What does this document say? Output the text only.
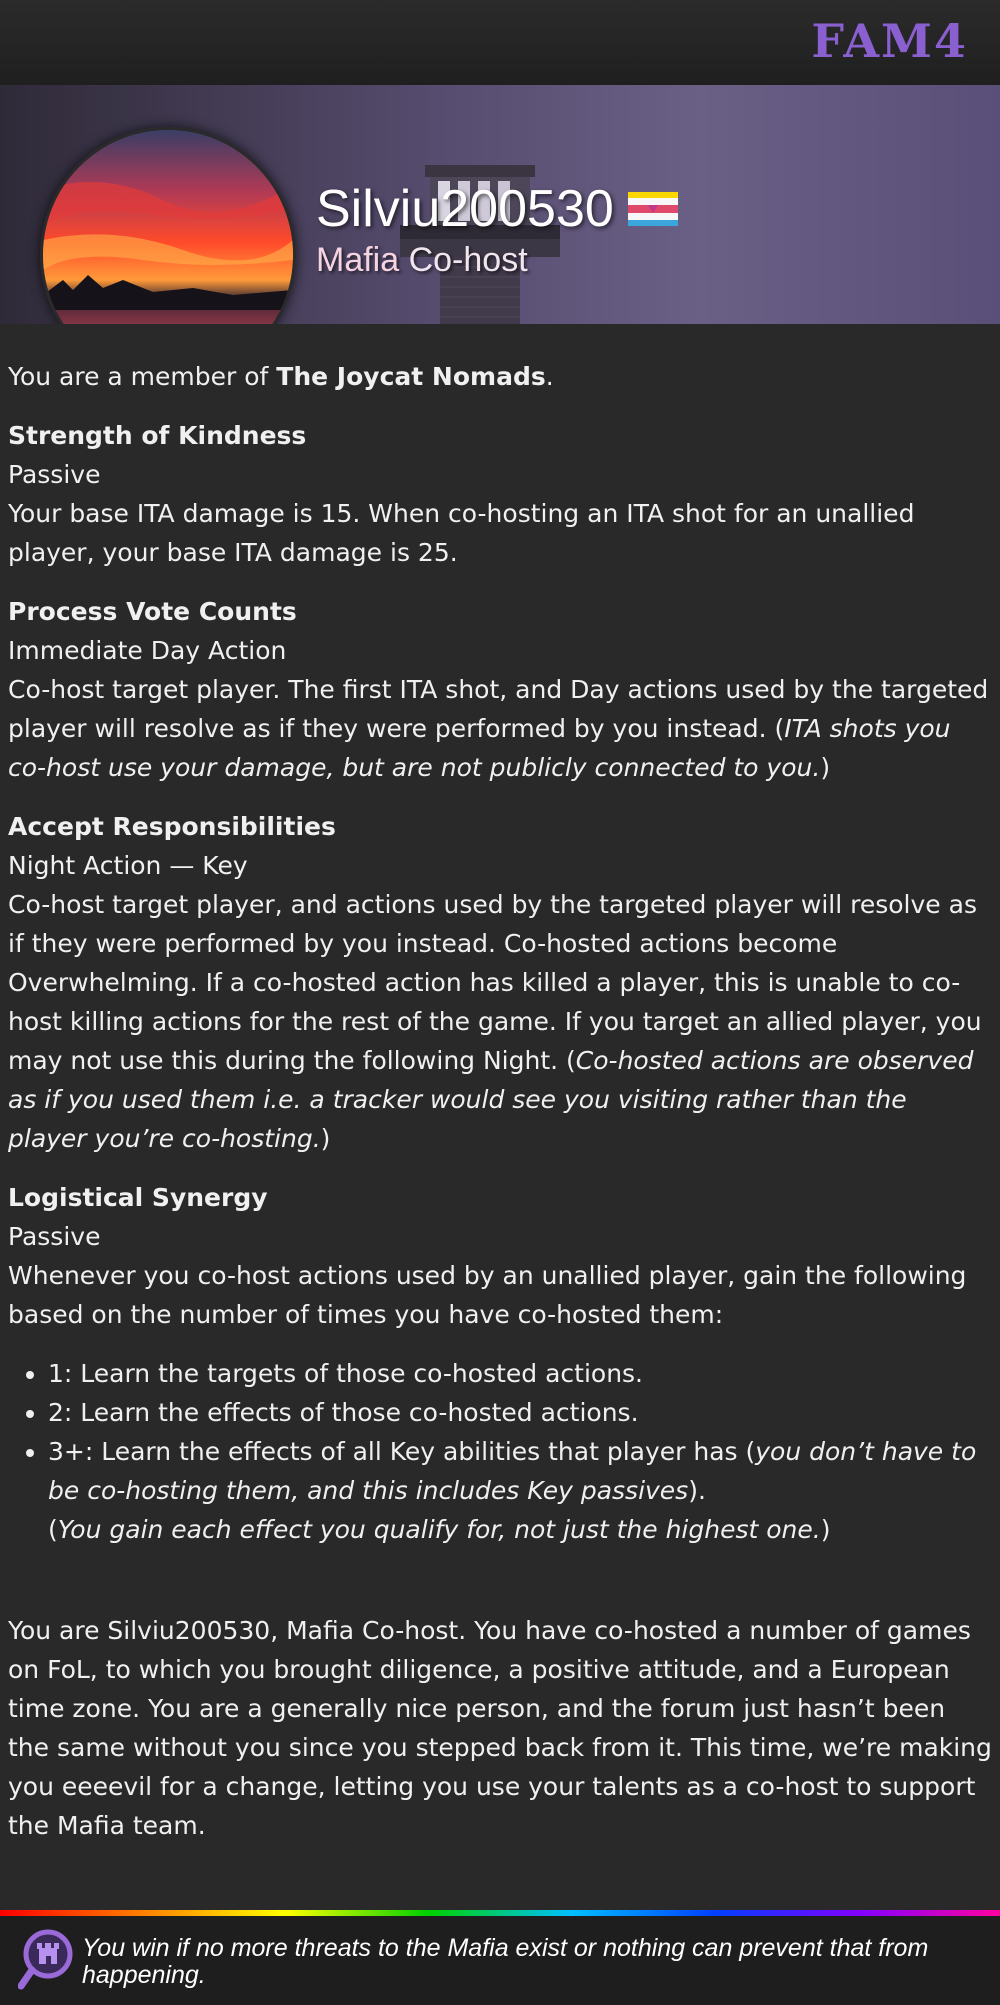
FAM4
Silviu200530
Mafia Co-host

You are a member of The Joycat Nomads.

Strength of Kindness

Passive

Your base ITA damage is 15. When co-hosting an ITA shot for an unallied player, your base ITA damage is 25.

Process Vote Counts

Immediate Day Action

Co-host target player. The first ITA shot, and Day actions used by the targeted player will resolve as if they were performed by you instead. (ITA shots you co-host use your damage, but are not publicly connected to you.)

Accept Responsibilities

Night Action — Key

Co-host target player, and actions used by the targeted player will resolve as if they were performed by you instead. Co-hosted actions become Overwhelming. If a co-hosted action has killed a player, this is unable to co-host killing actions for the rest of the game. If you target an allied player, you may not use this during the following Night. (Co-hosted actions are observed as if you used them i.e. a tracker would see you visiting rather than the player you’re co-hosting.)

Logistical Synergy

Passive

Whenever you co-host actions used by an unallied player, gain the following based on the number of times you have co-hosted them:

• 1: Learn the targets of those co-hosted actions.
• 2: Learn the effects of those co-hosted actions.
• 3+: Learn the effects of all Key abilities that player has (you don’t have to be co-hosting them, and this includes Key passives).
(You gain each effect you qualify for, not just the highest one.)

You are Silviu200530, Mafia Co-host. You have co-hosted a number of games on FoL, to which you brought diligence, a positive attitude, and a European time zone. You are a generally nice person, and the forum just hasn’t been the same without you since you stepped back from it. This time, we’re making you eeeevil for a change, letting you use your talents as a co-host to support the Mafia team.

You win if no more threats to the Mafia exist or nothing can prevent that from happening.
